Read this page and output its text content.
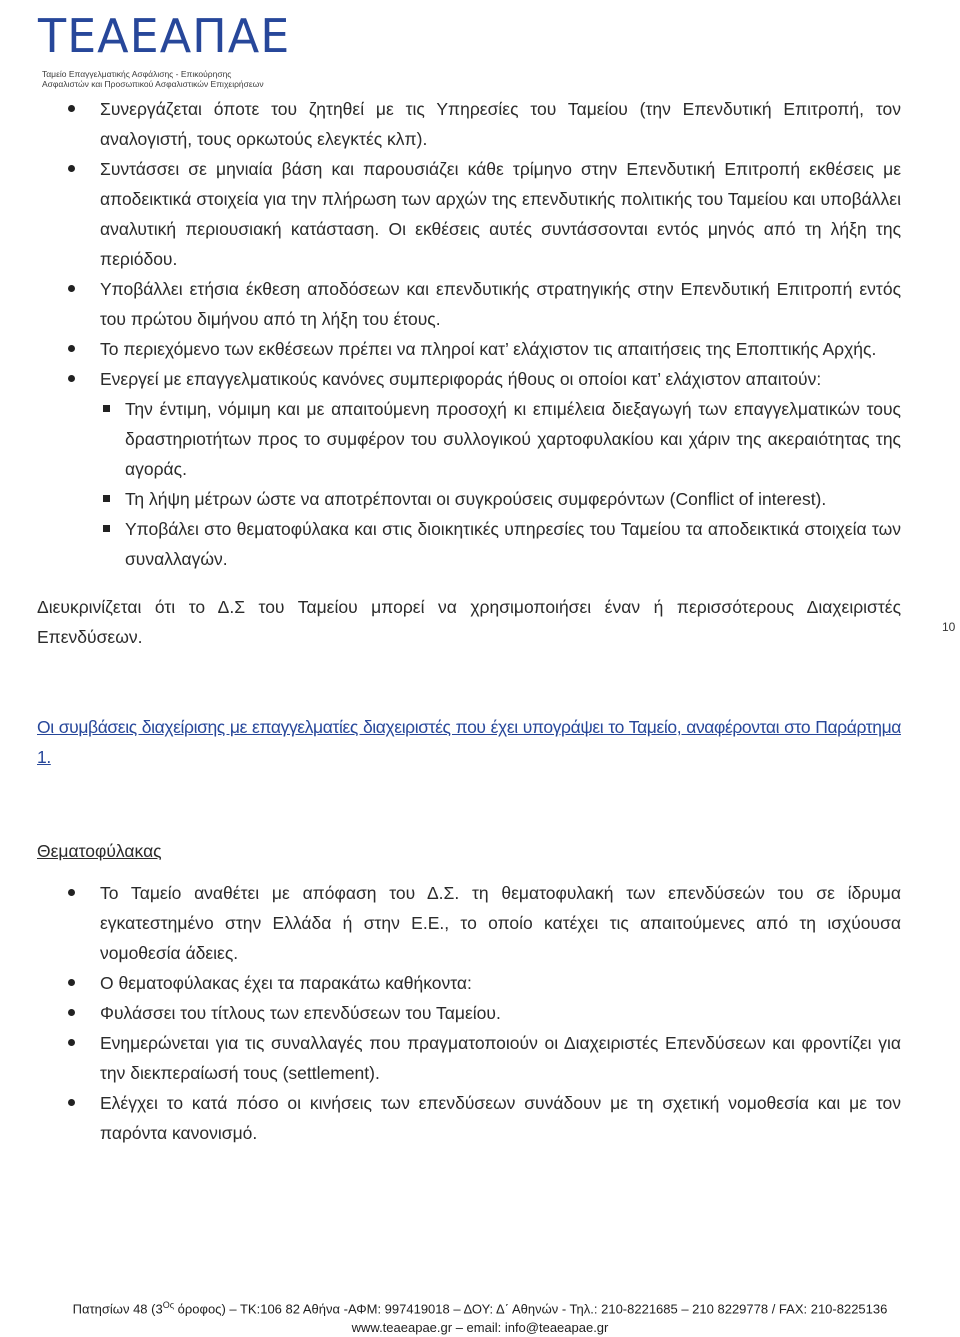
ΤΕΑΕΑΠΑΕ
Ταμείο Επαγγελματικής Ασφάλισης - Επικούρησης
Ασφαλιστών και Προσωπικού Ασφαλιστικών Επιχειρήσεων
Συνεργάζεται όποτε του ζητηθεί με τις Υπηρεσίες του Ταμείου (την Επενδυτική Επιτροπή, τον αναλογιστή, τους ορκωτούς ελεγκτές κλπ).
Συντάσσει σε μηνιαία βάση και παρουσιάζει κάθε τρίμηνο στην Επενδυτική Επιτροπή εκθέσεις με αποδεικτικά στοιχεία για την πλήρωση των αρχών της επενδυτικής πολιτικής του Ταμείου και υποβάλλει αναλυτική περιουσιακή κατάσταση. Οι εκθέσεις αυτές συντάσσονται εντός μηνός από τη λήξη της περιόδου.
Υποβάλλει ετήσια έκθεση αποδόσεων και επενδυτικής στρατηγικής στην Επενδυτική Επιτροπή εντός του πρώτου διμήνου από τη λήξη του έτους.
Το περιεχόμενο των εκθέσεων πρέπει να πληροί κατ’ ελάχιστον τις απαιτήσεις της Εποπτικής Αρχής.
Ενεργεί με επαγγελματικούς κανόνες συμπεριφοράς ήθους οι οποίοι κατ’ ελάχιστον απαιτούν:
Την έντιμη, νόμιμη και με απαιτούμενη προσοχή κι επιμέλεια διεξαγωγή των επαγγελματικών τους δραστηριοτήτων προς το συμφέρον του συλλογικού χαρτοφυλακίου και χάριν της ακεραιότητας της αγοράς.
Τη λήψη μέτρων ώστε να αποτρέπονται οι συγκρούσεις συμφερόντων (Conflict of interest).
Υποβάλει στο θεματοφύλακα και στις διοικητικές υπηρεσίες του Ταμείου τα αποδεικτικά στοιχεία των συναλλαγών.

Διευκρινίζεται ότι το Δ.Σ του Ταμείου μπορεί να χρησιμοποιήσει έναν ή περισσότερους Διαχειριστές Επενδύσεων.

Οι συμβάσεις διαχείρισης με επαγγελματίες διαχειριστές που έχει υπογράψει το Ταμείο, αναφέρονται στο Παράρτημα 1.

Θεματοφύλακας

Το Ταμείο αναθέτει με απόφαση του Δ.Σ. τη θεματοφυλακή των επενδύσεών του σε ίδρυμα εγκατεστημένο στην Ελλάδα ή στην Ε.Ε., το οποίο κατέχει τις απαιτούμενες από τη ισχύουσα νομοθεσία άδειες.
Ο θεματοφύλακας έχει τα παρακάτω καθήκοντα:
Φυλάσσει του τίτλους των επενδύσεων του Ταμείου.
Ενημερώνεται για τις συναλλαγές που πραγματοποιούν οι Διαχειριστές Επενδύσεων και φροντίζει για την διεκπεραίωσή τους (settlement).
Ελέγχει το κατά πόσο οι κινήσεις των επενδύσεων συνάδουν με τη σχετική νομοθεσία και με τον παρόντα κανονισμό.
10
Πατησίων 48 ($3^{O\varsigma}$ όροφος) – ΤΚ:106 82 Αθήνα -ΑΦΜ: 997419018 – ΔΟΥ: Δ΄ Αθηνών - Τηλ.: 210-8221685 – 210 8229778 / FAX: 210-8225136
www.teaeapae.gr – email: info@teaeapae.gr
